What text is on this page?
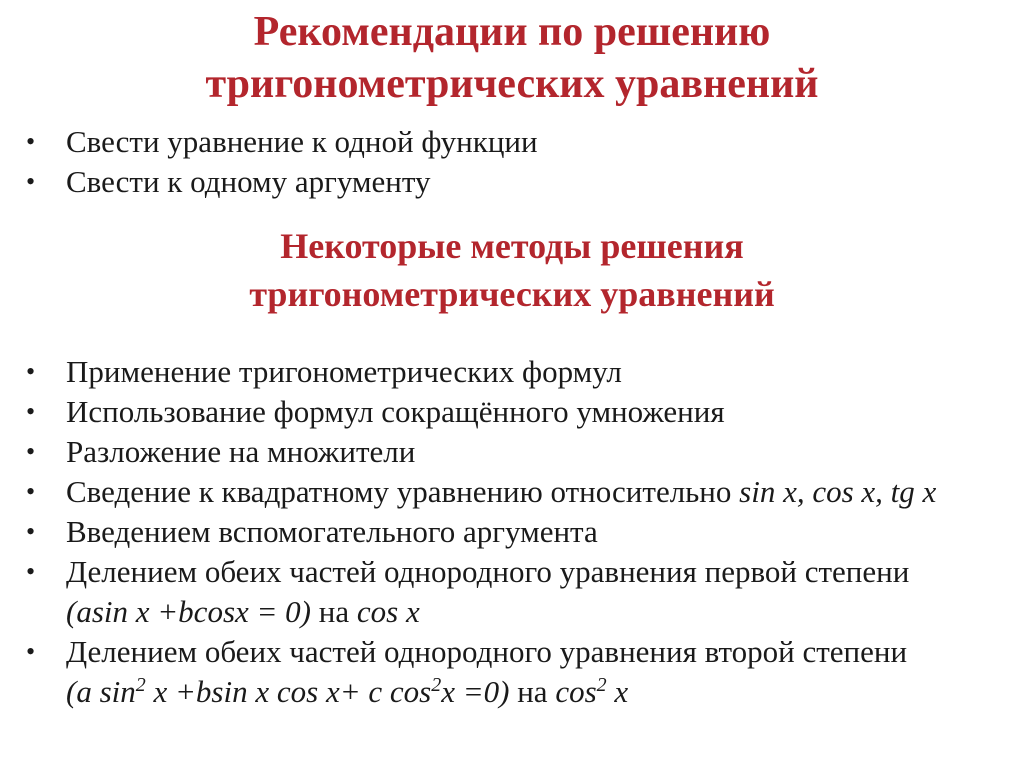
Рекомендации по решению
тригонометрических уравнений
• Свести уравнение к одной функции
• Свести к одному аргументу
Некоторые методы решения
тригонометрических уравнений
• Применение тригонометрических формул
• Использование формул сокращённого умножения
• Разложение на множители
• Сведение к квадратному уравнению относительно sin x, cos x, tg x
• Введением вспомогательного аргумента
• Делением обеих частей однородного уравнения первой степени
(asin x +bcosx = 0) на cos x
• Делением обеих частей однородного уравнения второй степени
(a $\sin^2 x +bsin$ x cos x+ c $\cos^2x =0$) на $\cos^2 x$
